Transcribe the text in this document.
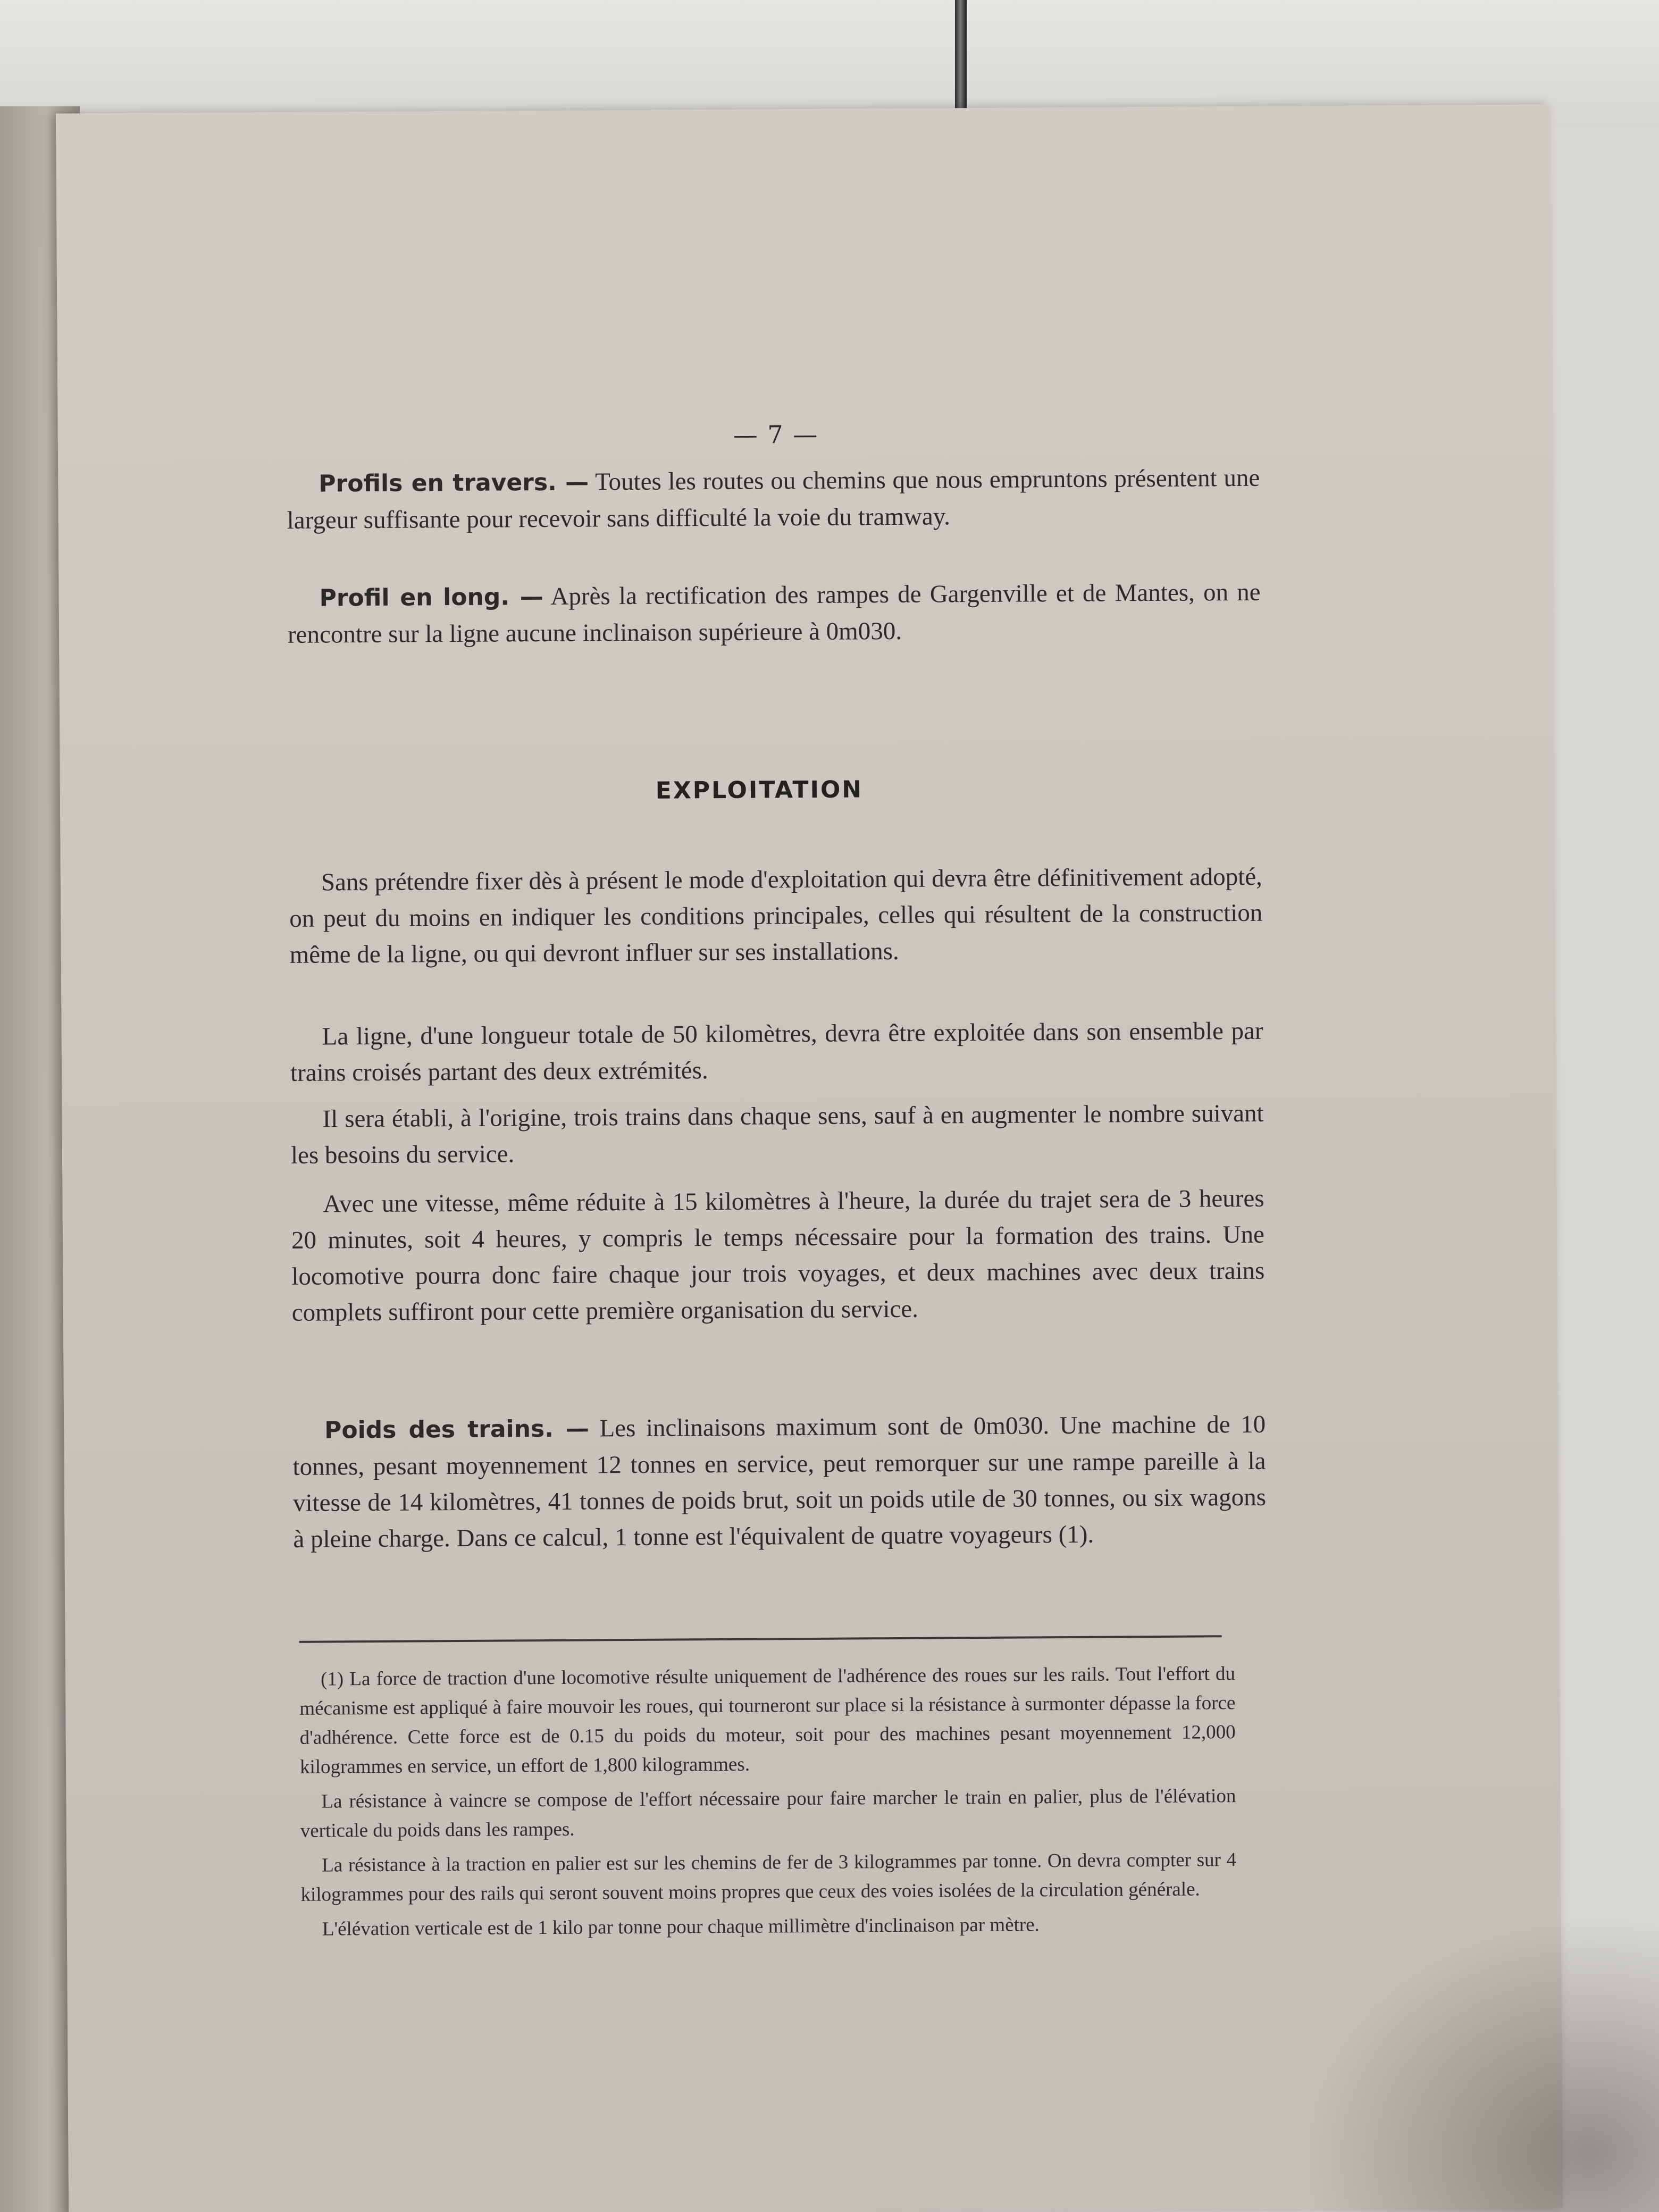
— 7 —
Profils en travers. — Toutes les routes ou chemins que nous empruntons présentent une largeur suffisante pour recevoir sans difficulté la voie du tramway.
Profil en long. — Après la rectification des rampes de Gargenville et de Mantes, on ne rencontre sur la ligne aucune inclinaison supérieure à 0m030.
EXPLOITATION
Sans prétendre fixer dès à présent le mode d'exploitation qui devra être définitivement adopté, on peut du moins en indiquer les conditions principales, celles qui résultent de la construction même de la ligne, ou qui devront influer sur ses installations.
La ligne, d'une longueur totale de 50 kilomètres, devra être exploitée dans son ensemble par trains croisés partant des deux extrémités.
Il sera établi, à l'origine, trois trains dans chaque sens, sauf à en augmenter le nombre suivant les besoins du service.
Avec une vitesse, même réduite à 15 kilomètres à l'heure, la durée du trajet sera de 3 heures 20 minutes, soit 4 heures, y compris le temps nécessaire pour la formation des trains. Une locomotive pourra donc faire chaque jour trois voyages, et deux machines avec deux trains complets suffiront pour cette première organisation du service.
Poids des trains. — Les inclinaisons maximum sont de 0m030. Une machine de 10 tonnes, pesant moyennement 12 tonnes en service, peut remorquer sur une rampe pareille à la vitesse de 14 kilomètres, 41 tonnes de poids brut, soit un poids utile de 30 tonnes, ou six wagons à pleine charge. Dans ce calcul, 1 tonne est l'équivalent de quatre voyageurs (1).

(1) La force de traction d'une locomotive résulte uniquement de l'adhérence des roues sur les rails. Tout l'effort du mécanisme est appliqué à faire mouvoir les roues, qui tourneront sur place si la résistance à surmonter dépasse la force d'adhérence. Cette force est de 0.15 du poids du moteur, soit pour des machines pesant moyennement 12,000 kilogrammes en service, un effort de 1,800 kilogrammes.

La résistance à vaincre se compose de l'effort nécessaire pour faire marcher le train en palier, plus de l'élévation verticale du poids dans les rampes.

La résistance à la traction en palier est sur les chemins de fer de 3 kilogrammes par tonne. On devra compter sur 4 kilogrammes pour des rails qui seront souvent moins propres que ceux des voies isolées de la circulation générale.

L'élévation verticale est de 1 kilo par tonne pour chaque millimètre d'inclinaison par mètre.
